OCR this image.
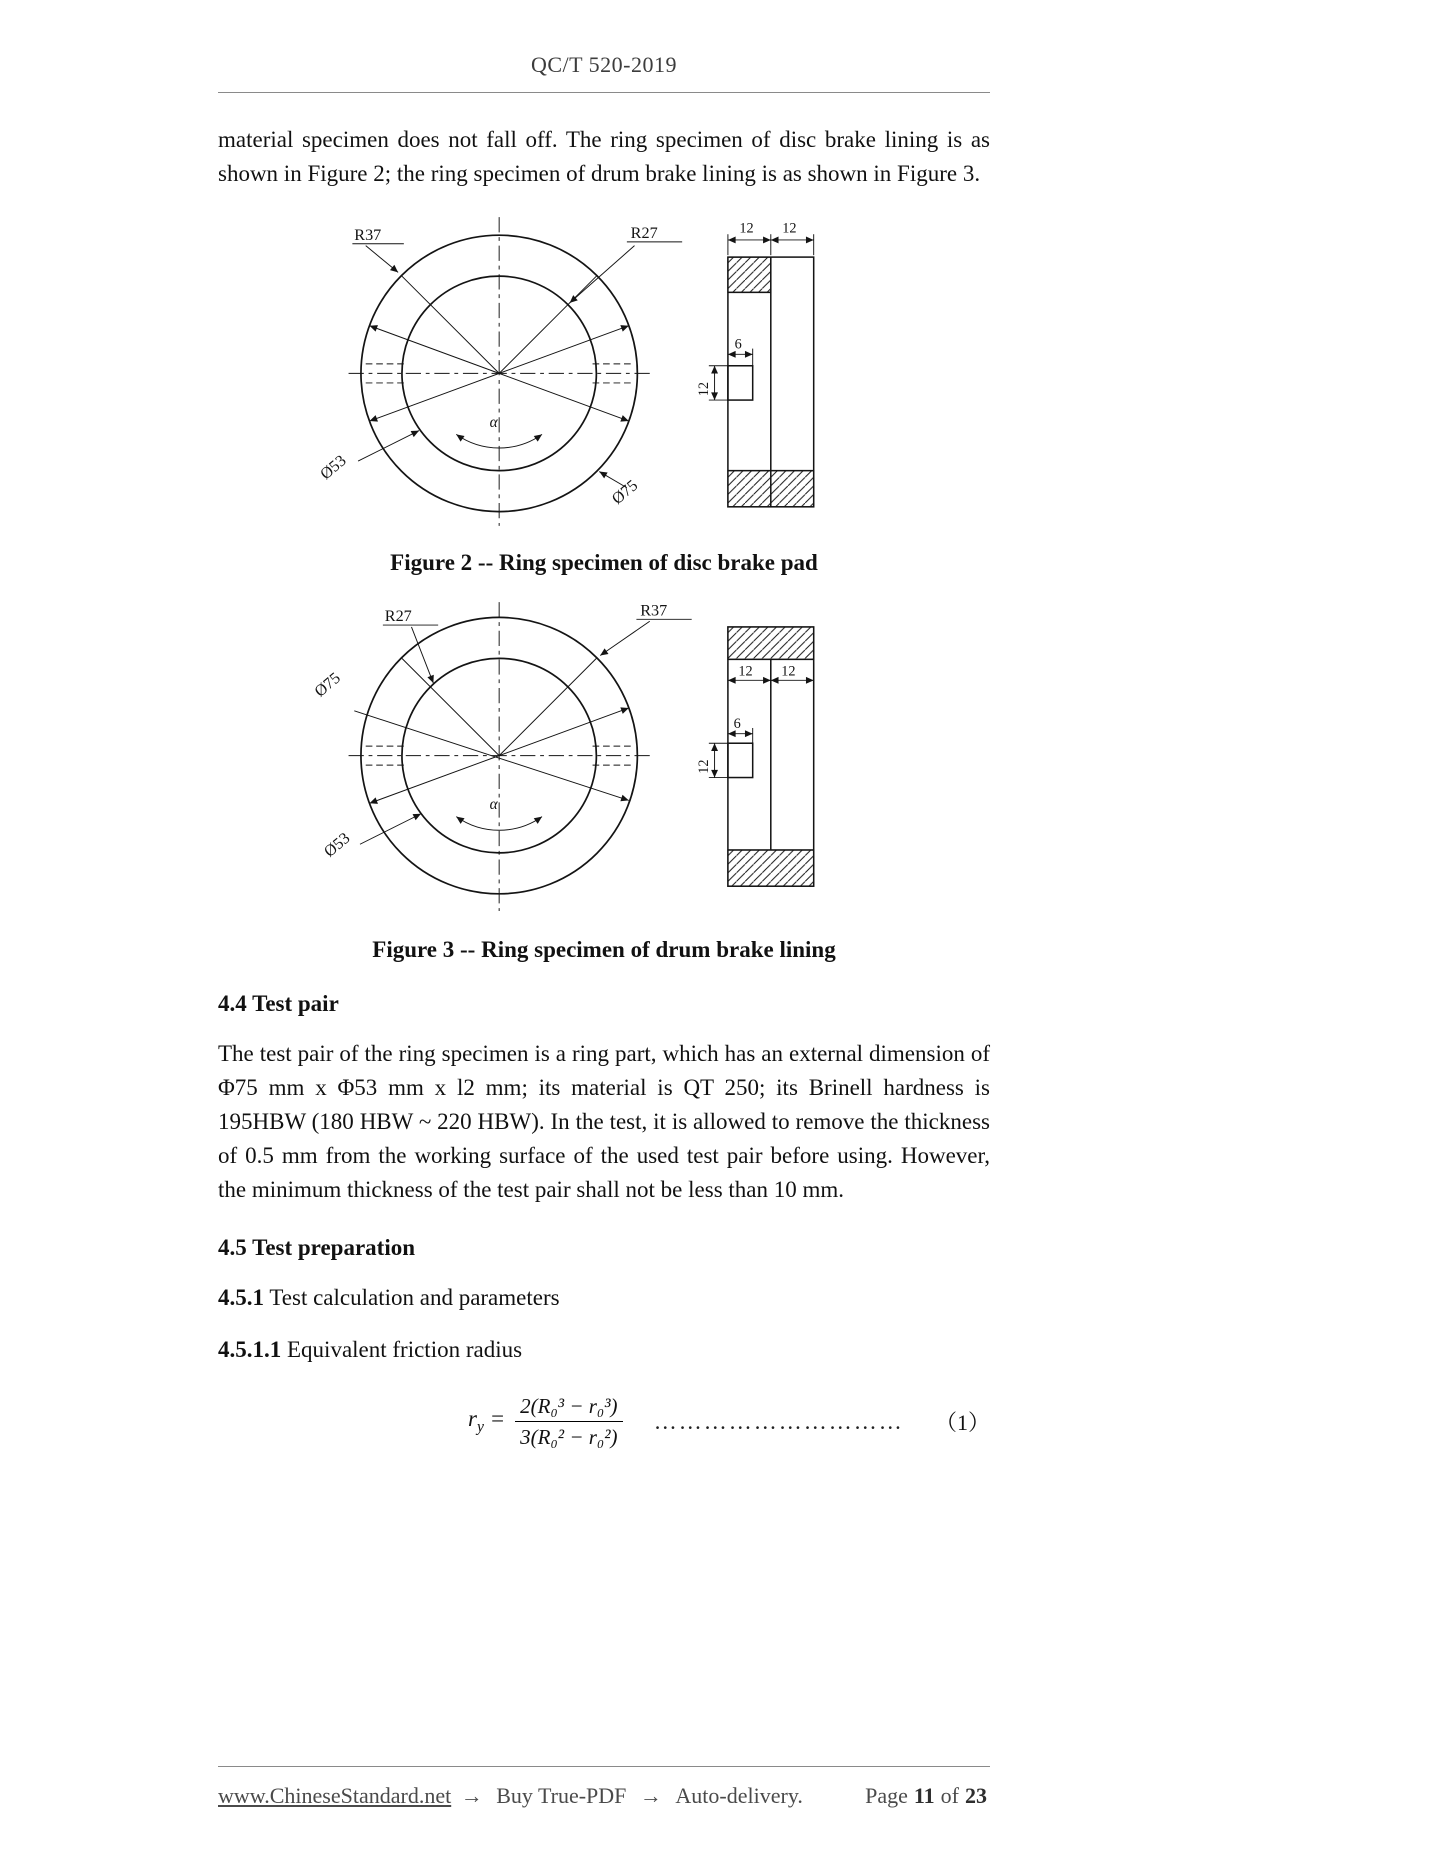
QC/T 520-2019

material specimen does not fall off. The ring specimen of disc brake lining is as shown in Figure 2; the ring specimen of drum brake lining is as shown in Figure 3.

R37	R27
Ø53
Ø75
α
12 12
6
12
Figure 2 -- Ring specimen of disc brake pad
R27	R37
Ø75
Ø53
α
12 12
6
12
Figure 3 -- Ring specimen of drum brake lining
4.4 Test pair

The test pair of the ring specimen is a ring part, which has an external dimension of Φ75 mm x Φ53 mm x l2 mm; its material is QT 250; its Brinell hardness is 195HBW (180 HBW ~ 220 HBW). In the test, it is allowed to remove the thickness of 0.5 mm from the working surface of the used test pair before using. However, the minimum thickness of the test pair shall not be less than 10 mm.

4.5 Test preparation

4.5.1 Test calculation and parameters

4.5.1.1 Equivalent friction radius

$r_y = \frac{\text{2(R₀³ − r₀³)}}{\text{3(R₀² − r₀²)}}$	…………………………	（1）
www.ChineseStandard.net → Buy True-PDF → Auto-delivery.	Page 11 of 23
